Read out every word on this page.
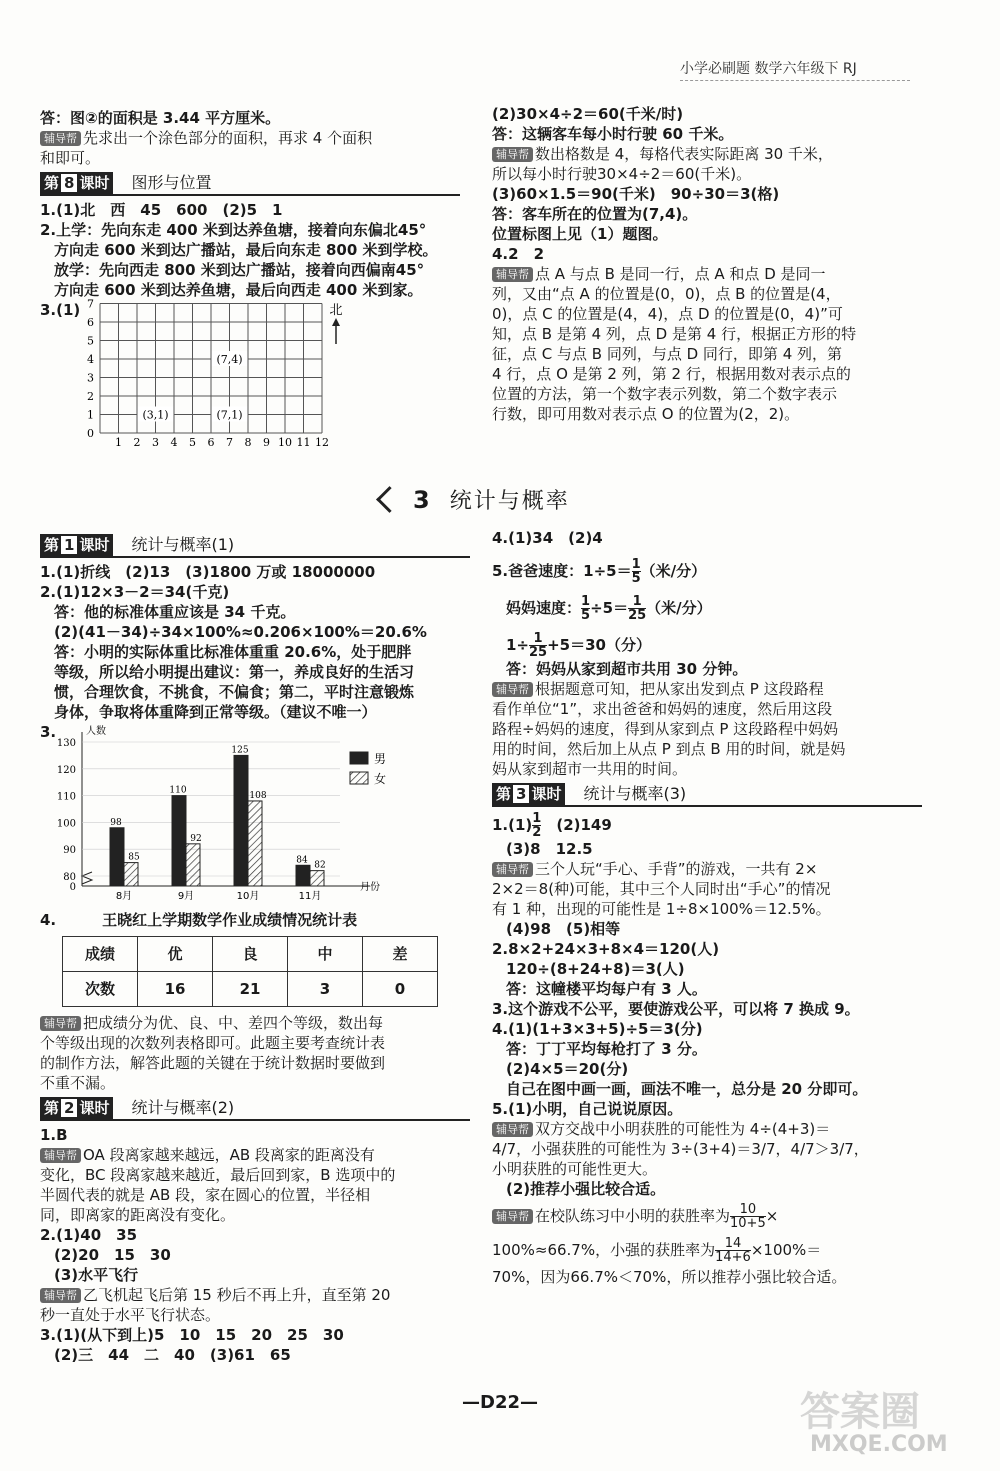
小学必刷题 数学六年级下 RJ
答：图②的面积是 3.44 平方厘米。
辅导帮 先求出一个涂色部分的面积，再求 4 个面积
和即可。
第 8 课时 图形与位置
1.(1)北　西　45　600　(2)5　1
2.上学：先向东走 400 米到达养鱼塘，接着向东偏北45°
方向走 600 米到达广播站，最后向东走 800 米到学校。
放学：先向西走 800 米到达广播站，接着向西偏南45°
方向走 600 米到达养鱼塘，最后向西走 400 米到家。
3.(1)
1 2 3 4 5 6 7 8 9 10 11 12
0
1
2
3
4
5
6
7
(3,1)	(7,1)
(7,4)
北
(2)30×4÷2＝60(千米/时)
答：这辆客车每小时行驶 60 千米。
辅导帮 数出格数是 4，每格代表实际距离 30 千米，
所以每小时行驶30×4÷2＝60(千米)。
(3)60×1.5＝90(千米)　90÷30＝3(格)
答：客车所在的位置为(7,4)。
位置标图上见（1）题图。
4.2　2
辅导帮 点 A 与点 B 是同一行，点 A 和点 D 是同一
列，又由“点 A 的位置是(0，0)，点 B 的位置是(4，
0)，点 C 的位置是(4，4)，点 D 的位置是(0，4)”可
知，点 B 是第 4 列，点 D 是第 4 行，根据正方形的特
征，点 C 与点 B 同列，与点 D 同行，即第 4 列，第
4 行，点 O 是第 2 列，第 2 行，根据用数对表示点的
位置的方法，第一个数字表示列数，第二个数字表示
行数，即可用数对表示点 O 的位置为(2，2)。
3 统计与概率
第 1 课时 统计与概率(1)
1.(1)折线　(2)13　(3)1800 万或 18000000
2.(1)12×3－2＝34(千克)
答：他的标准体重应该是 34 千克。
(2)(41－34)÷34×100%≈0.206×100%＝20.6%
答：小明的实际体重比标准体重重 20.6%，处于肥胖
等级，所以给小明提出建议：第一，养成良好的生活习
惯，合理饮食，不挑食，不偏食；第二，平时注意锻炼
身体，争取将体重降到正常等级。（建议不唯一）
3.	人数
月份
0
80
90
100
110
120
130
98
85
8月
110
92
9月
125
108
10月
84
82
11月
男
女
4.	王晓红上学期数学作业成绩情况统计表
成绩	优	良	中	差
次数	16	21	3	0
辅导帮 把成绩分为优、良、中、差四个等级，数出每
个等级出现的次数列表格即可。此题主要考查统计表
的制作方法，解答此题的关键在于统计数据时要做到
不重不漏。
第 2 课时 统计与概率(2)
1.B
辅导帮 OA 段离家越来越远，AB 段离家的距离没有
变化，BC 段离家越来越近，最后回到家，B 选项中的
半圆代表的就是 AB 段，家在圆心的位置，半径相
同，即离家的距离没有变化。
2.(1)40　35
(2)20　15　30
(3)水平飞行
辅导帮 乙飞机起飞后第 15 秒后不再上升，直至第 20
秒一直处于水平飞行状态。
3.(1)(从下到上)5　10　15　20　25　30
(2)三　44　二　40　(3)61　65
4.(1)34　(2)4
5.爸爸速度：$1\div 5= \frac{1}{5}$ （米/分）
妈妈速度： $\frac{1}{5} \div 5= \frac{1}{25}$ （米/分）
$1\div \frac{1}{25} +5=30$（分）
答：妈妈从家到超市共用 30 分钟。
辅导帮 根据题意可知，把从家出发到点 P 这段路程
看作单位“1”，求出爸爸和妈妈的速度，然后用这段
路程÷妈妈的速度，得到从家到点 P 这段路程中妈妈
用的时间，然后加上从点 P 到点 B 用的时间，就是妈
妈从家到超市一共用的时间。
第 3 课时 统计与概率(3)
$1.(1) \frac{1}{2}$ 　(2)149
(3)8　12.5
辅导帮 三个人玩“手心、手背”的游戏，一共有 2×
2×2＝8(种)可能，其中三个人同时出“手心”的情况
有 1 种，出现的可能性是 1÷8×100%＝12.5%。
(4)98　(5)相等
2.8×2+24×3+8×4＝120(人)
120÷(8+24+8)＝3(人)
答：这幢楼平均每户有 3 人。
3.这个游戏不公平，要使游戏公平，可以将 7 换成 9。
4.(1)(1+3×3+5)÷5＝3(分)
答：丁丁平均每枪打了 3 分。
(2)4×5＝20(分)
自己在图中画一画，画法不唯一，总分是 20 分即可。
5.(1)小明，自己说说原因。
辅导帮 双方交战中小明获胜的可能性为 4÷(4+3)＝
4/7，小强获胜的可能性为 3÷(3+4)＝3/7，4/7＞3/7，
小明获胜的可能性更大。
(2)推荐小强比较合适。
辅导帮 在校队练习中小明的获胜率为 $\frac{10}{10+5}$ ×
100%≈66.7%，小强的获胜率为 $\frac{14}{14+6} \times 100\%=$
70%，因为66.7%＜70%，所以推荐小强比较合适。
—D22—	答案圈
MXQE.COM
